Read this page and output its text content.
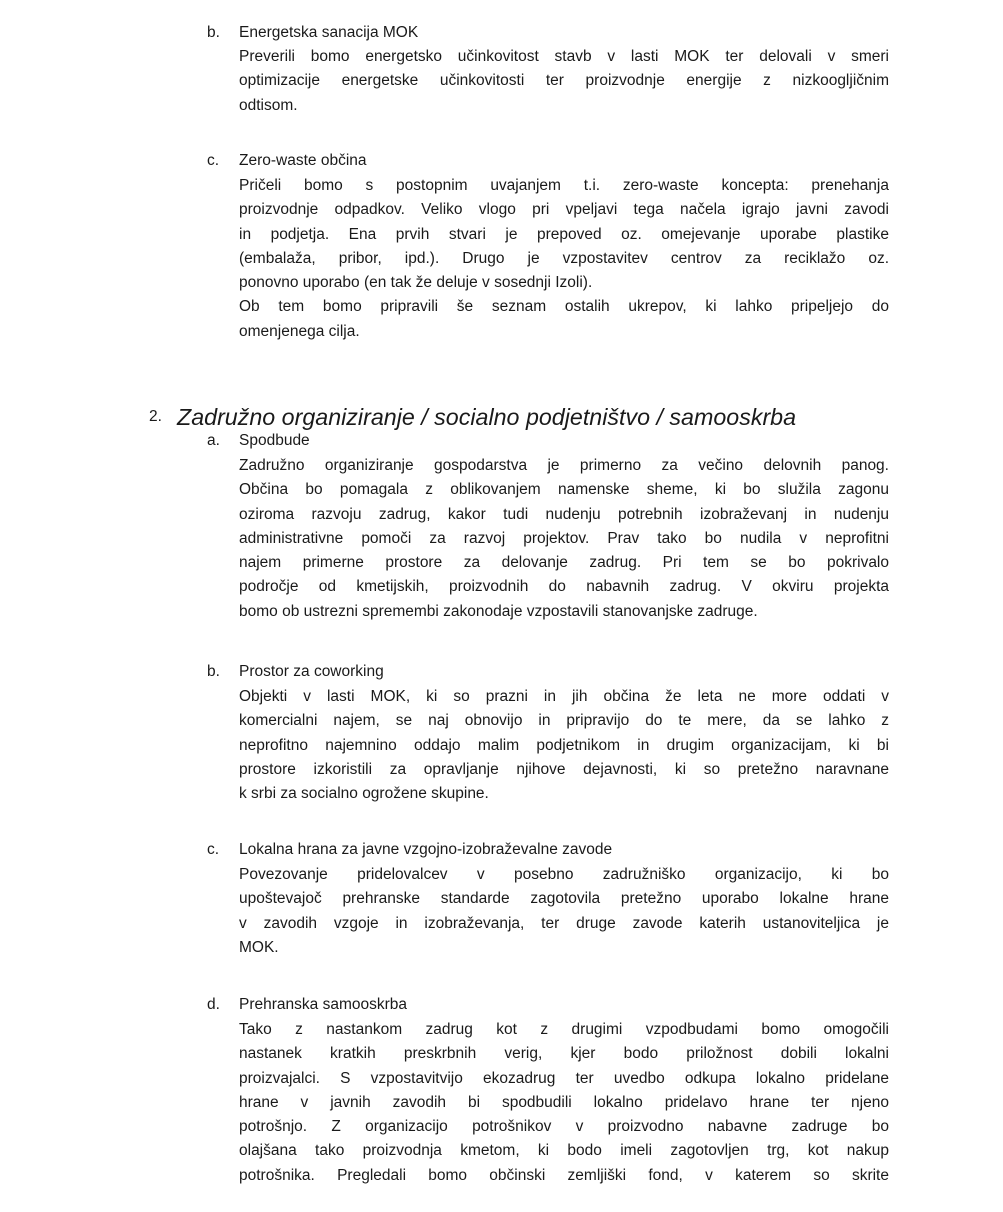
b.	Energetska sanacija MOK

Preverili bomo energetsko učinkovitost stavb v lasti MOK ter delovali v smeri

optimizacije energetske učinkovitosti ter proizvodnje energije z nizkoogljičnim

odtisom.

c.	Zero-waste občina

Pričeli bomo s postopnim uvajanjem t.i. zero-waste koncepta: prenehanja

proizvodnje odpadkov. Veliko vlogo pri vpeljavi tega načela igrajo javni zavodi

in podjetja. Ena prvih stvari je prepoved oz. omejevanje uporabe plastike

(embalaža, pribor, ipd.). Drugo je vzpostavitev centrov za reciklažo oz.

ponovno uporabo (en tak že deluje v sosednji Izoli).

Ob tem bomo pripravili še seznam ostalih ukrepov, ki lahko pripeljejo do

omenjenega cilja.

2. Zadružno organiziranje / socialno podjetništvo / samooskrba
a.	Spodbude

Zadružno organiziranje gospodarstva je primerno za večino delovnih panog.

Občina bo pomagala z oblikovanjem namenske sheme, ki bo služila zagonu

oziroma razvoju zadrug, kakor tudi nudenju potrebnih izobraževanj in nudenju

administrativne pomoči za razvoj projektov. Prav tako bo nudila v neprofitni

najem primerne prostore za delovanje zadrug. Pri tem se bo pokrivalo

področje od kmetijskih, proizvodnih do nabavnih zadrug. V okviru projekta

bomo ob ustrezni spremembi zakonodaje vzpostavili stanovanjske zadruge.

b.	Prostor za coworking

Objekti v lasti MOK, ki so prazni in jih občina že leta ne more oddati v

komercialni najem, se naj obnovijo in pripravijo do te mere, da se lahko z

neprofitno najemnino oddajo malim podjetnikom in drugim organizacijam, ki bi

prostore izkoristili za opravljanje njihove dejavnosti, ki so pretežno naravnane

k srbi za socialno ogrožene skupine.

c.	Lokalna hrana za javne vzgojno-izobraževalne zavode

Povezovanje pridelovalcev v posebno zadružniško organizacijo, ki bo

upoštevajoč prehranske standarde zagotovila pretežno uporabo lokalne hrane

v zavodih vzgoje in izobraževanja, ter druge zavode katerih ustanoviteljica je

MOK.

d.	Prehranska samooskrba

Tako z nastankom zadrug kot z drugimi vzpodbudami bomo omogočili

nastanek kratkih preskrbnih verig, kjer bodo priložnost dobili lokalni

proizvajalci. S vzpostavitvijo ekozadrug ter uvedbo odkupa lokalno pridelane

hrane v javnih zavodih bi spodbudili lokalno pridelavo hrane ter njeno

potrošnjo. Z organizacijo potrošnikov v proizvodno nabavne zadruge bo

olajšana tako proizvodnja kmetom, ki bodo imeli zagotovljen trg, kot nakup

potrošnika. Pregledali bomo občinski zemljiški fond, v katerem so skrite
